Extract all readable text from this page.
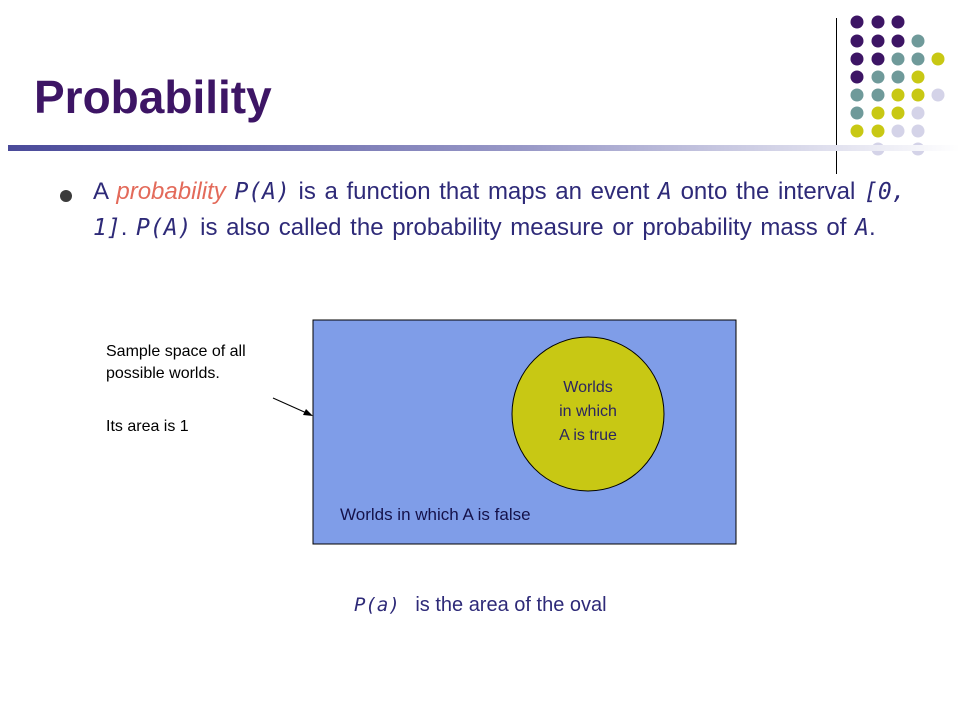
Probability
A probability P(A) is a function that maps an event A onto the interval [0, 1]. P(A) is also called the probability measure or probability mass of A.
Sample space of all
possible worlds.
Its area is 1
Worlds
in which
A is true
Worlds in which A is false
P(a) is the area of the oval
